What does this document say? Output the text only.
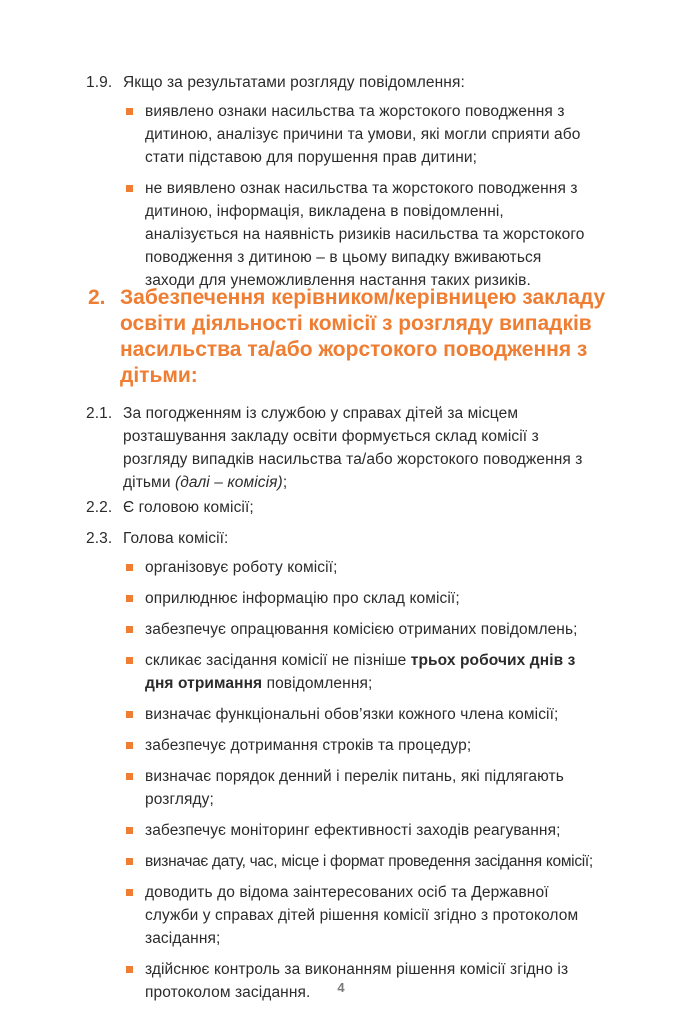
1.9. Якщо за результатами розгляду повідомлення:
виявлено ознаки насильства та жорстокого поводження з дитиною, аналізує причини та умови, які могли сприяти або стати підставою для порушення прав дитини;
не виявлено ознак насильства та жорстокого поводження з дитиною, інформація, викладена в повідомленні, аналізується на наявність ризиків насильства та жорстокого поводження з дитиною – в цьому випадку вживаються заходи для унеможливлення настання таких ризиків.
2. Забезпечення керівником/керівницею закладу освіти діяльності комісії з розгляду випадків насильства та/або жорстокого поводження з дітьми:
2.1. За погодженням із службою у справах дітей за місцем розташування закладу освіти формується склад комісії з розгляду випадків насильства та/або жорстокого поводження з дітьми (далі – комісія);
2.2. Є головою комісії;
2.3. Голова комісії:
організовує роботу комісії;
оприлюднює інформацію про склад комісії;
забезпечує опрацювання комісією отриманих повідомлень;
скликає засідання комісії не пізніше трьох робочих днів з дня отримання повідомлення;
визначає функціональні обов’язки кожного члена комісії;
забезпечує дотримання строків та процедур;
визначає порядок денний і перелік питань, які підлягають розгляду;
забезпечує моніторинг ефективності заходів реагування;
визначає дату, час, місце і формат проведення засідання комісії;
доводить до відома заінтересованих осіб та Державної служби у справах дітей рішення комісії згідно з протоколом засідання;
здійснює контроль за виконанням рішення комісії згідно із протоколом засідання.	4
